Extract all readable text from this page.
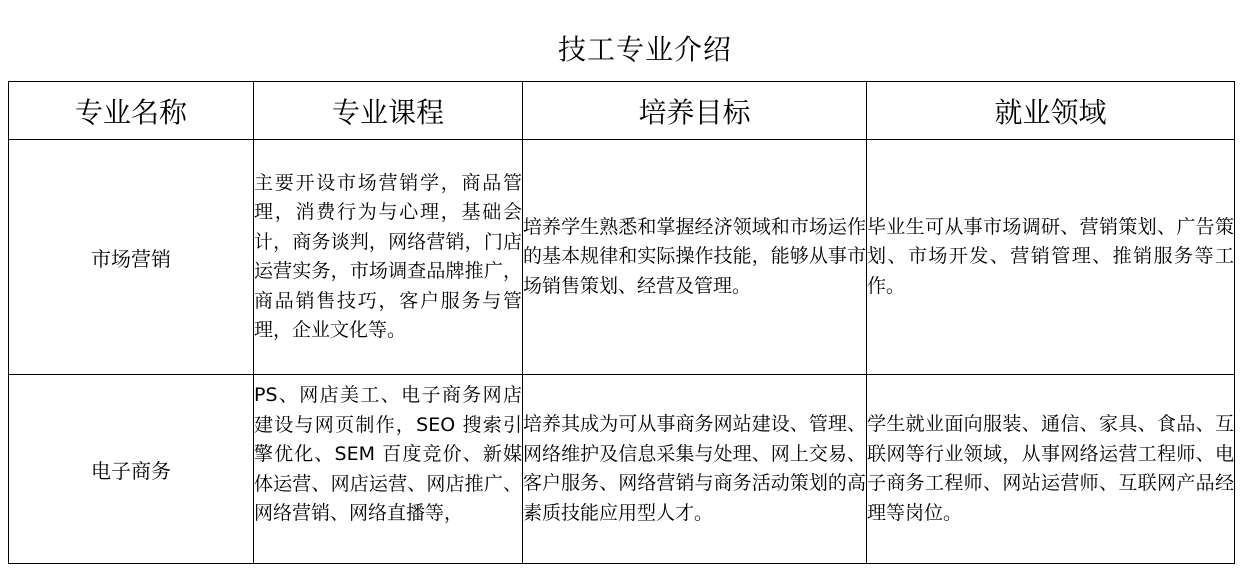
技工专业介绍
专业名称	专业课程	培养目标	就业领域
市场营销	主要开设市场营销学，商品管理，消费行为与心理，基础会计，商务谈判，网络营销，门店运营实务，市场调查品牌推广，商品销售技巧，客户服务与管理，企业文化等。	培养学生熟悉和掌握经济领域和市场运作的基本规律和实际操作技能，能够从事市场销售策划、经营及管理。	毕业生可从事市场调研、营销策划、广告策划、市场开发、营销管理、推销服务等工作。
电子商务	PS、网店美工、电子商务网店建设与网页制作，SEO 搜索引擎优化、SEM 百度竞价、新媒体运营、网店运营、网店推广、网络营销、网络直播等，	培养其成为可从事商务网站建设、管理、网络维护及信息采集与处理、网上交易、客户服务、网络营销与商务活动策划的高素质技能应用型人才。	学生就业面向服装、通信、家具、食品、互联网等行业领域，从事网络运营工程师、电子商务工程师、网站运营师、互联网产品经理等岗位。
